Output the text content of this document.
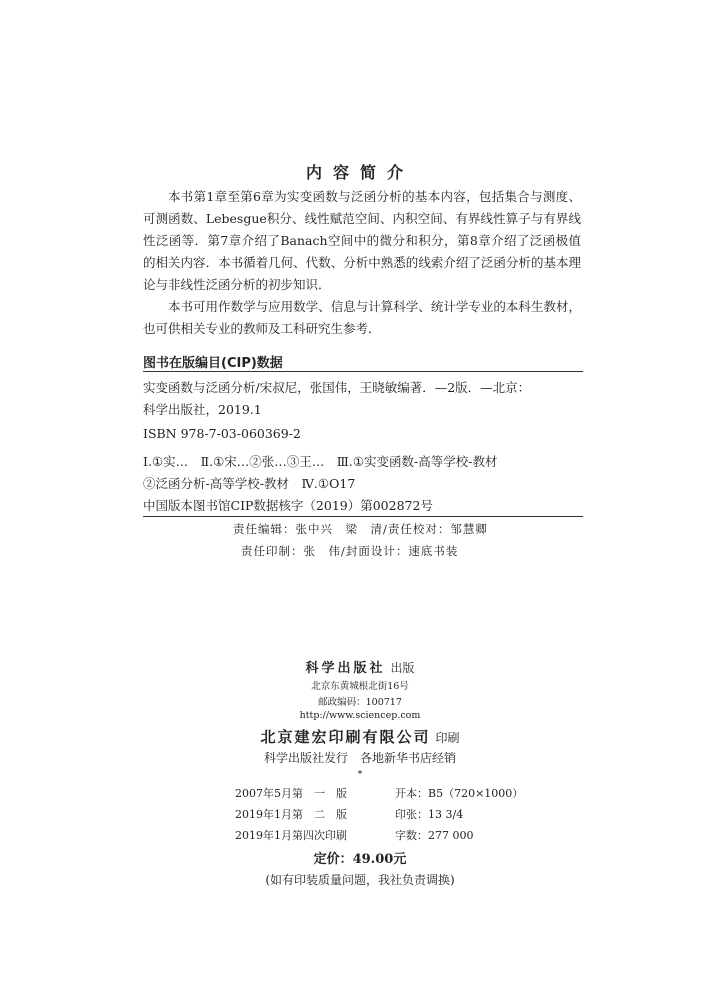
内容简介

本书第1章至第6章为实变函数与泛函分析的基本内容，包括集合与测度、可测函数、Lebesgue积分、线性赋范空间、内积空间、有界线性算子与有界线性泛函等．第7章介绍了Banach空间中的微分和积分，第8章介绍了泛函极值的相关内容．本书循着几何、代数、分析中熟悉的线索介绍了泛函分析的基本理论与非线性泛函分析的初步知识．

本书可用作数学与应用数学、信息与计算科学、统计学专业的本科生教材，也可供相关专业的教师及工科研究生参考．

图书在版编目(CIP)数据
实变函数与泛函分析/宋叔尼，张国伟，王晓敏编著．—2版．—北京：
科学出版社，2019.1
ISBN 978-7-03-060369-2
Ⅰ.①实…　Ⅱ.①宋…②张…③王…　Ⅲ.①实变函数-高等学校-教材
②泛函分析-高等学校-教材　Ⅳ.①O17
中国版本图书馆CIP数据核字（2019）第002872号
责任编辑：张中兴　梁　清/责任校对：邹慧卿
责任印制：张　伟/封面设计：速底书装
科学出版社 出版
北京东黄城根北街16号
邮政编码：100717
http://www.sciencep.com
北京建宏印刷有限公司 印刷
科学出版社发行　各地新华书店经销
*
2007年5月第　一　版	开本：B5（720×1000）
2019年1月第　二　版	印张：13 3/4
2019年1月第四次印刷	字数：277 000
定价：49.00元
(如有印装质量问题，我社负责调换)
